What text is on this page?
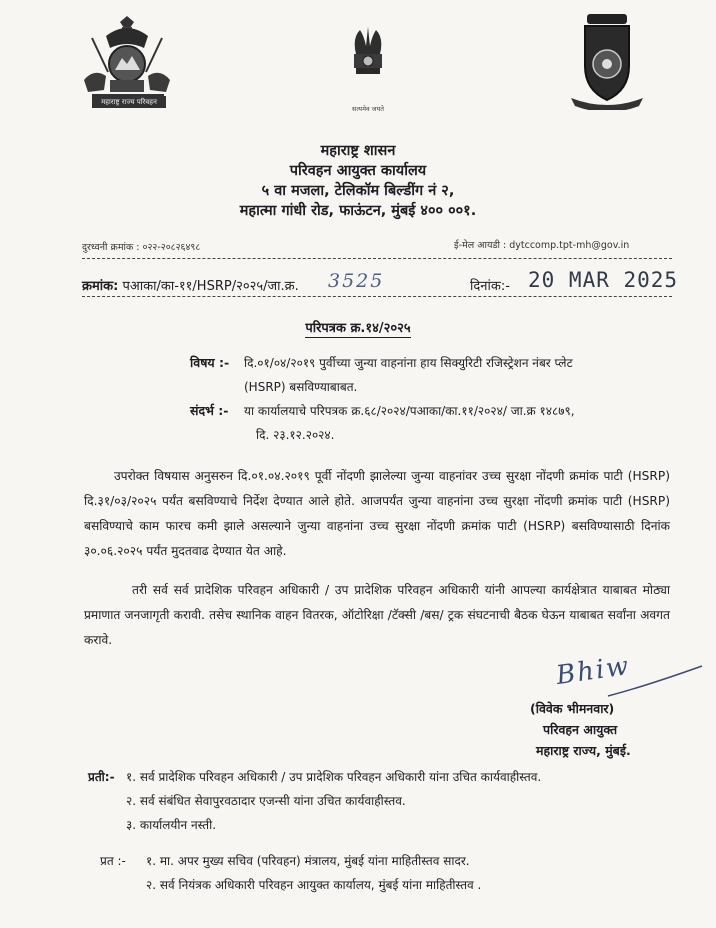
महाराष्ट्र राज्य परिवहन
सत्यमेव जयते
महाराष्ट्र शासन
परिवहन आयुक्त कार्यालय
५ वा मजला, टेलिकॉम बिल्डींग नं २,
महात्मा गांधी रोड, फाऊंटन, मुंबई ४०० ००१.
दुरध्वनी क्रमांक : ०२२-२०८२६४९८	ई-मेल आयडी : dytccomp.tpt-mh@gov.in
क्रमांक: पआका/का-११/HSRP/२०२५/जा.क्र. 3525	दिनांक:- 20 MAR 2025
परिपत्रक क्र.१४/२०२५
विषय :- दि.०१/०४/२०१९ पुर्वीच्या जुन्या वाहनांना हाय सिक्युरिटी रजिस्ट्रेशन नंबर प्लेट
(HSRP) बसविण्याबाबत.
संदर्भ :- या कार्यालयाचे परिपत्रक क्र.६८/२०२४/पआका/का.११/२०२४/ जा.क्र १४८७९,
दि. २३.१२.२०२४.
उपरोक्त विषयास अनुसरुन दि.०१.०४.२०१९ पूर्वी नोंदणी झालेल्या जुन्या वाहनांवर उच्च सुरक्षा नोंदणी क्रमांक पाटी (HSRP) दि.३१/०३/२०२५ पर्यंत बसविण्याचे निर्देश देण्यात आले होते. आजपर्यंत जुन्या वाहनांना उच्च सुरक्षा नोंदणी क्रमांक पाटी (HSRP) बसविण्याचे काम फारच कमी झाले असल्याने जुन्या वाहनांना उच्च सुरक्षा नोंदणी क्रमांक पाटी (HSRP) बसविण्यासाठी दिनांक ३०.०६.२०२५ पर्यंत मुदतवाढ देण्यात येत आहे.
तरी सर्व सर्व प्रादेशिक परिवहन अधिकारी / उप प्रादेशिक परिवहन अधिकारी यांनी आपल्या कार्यक्षेत्रात याबाबत मोठ्या प्रमाणात जनजागृती करावी. तसेच स्थानिक वाहन वितरक, ऑटोरिक्षा /टॅक्सी /बस/ ट्रक संघटनाची बैठक घेऊन याबाबत सर्वांना अवगत करावे.
Bhiw
(विवेक भीमनवार)
परिवहन आयुक्त
महाराष्ट्र राज्य, मुंबई.
प्रती:- १. सर्व प्रादेशिक परिवहन अधिकारी / उप प्रादेशिक परिवहन अधिकारी यांना उचित कार्यवाहीस्तव.
२. सर्व संबंधित सेवापुरवठादार एजन्सी यांना उचित कार्यवाहीस्तव.
३. कार्यालयीन नस्ती.
प्रत :- १. मा. अपर मुख्य सचिव (परिवहन) मंत्रालय, मुंबई यांना माहितीस्तव सादर.
२. सर्व नियंत्रक अधिकारी परिवहन आयुक्त कार्यालय, मुंबई यांना माहितीस्तव .
